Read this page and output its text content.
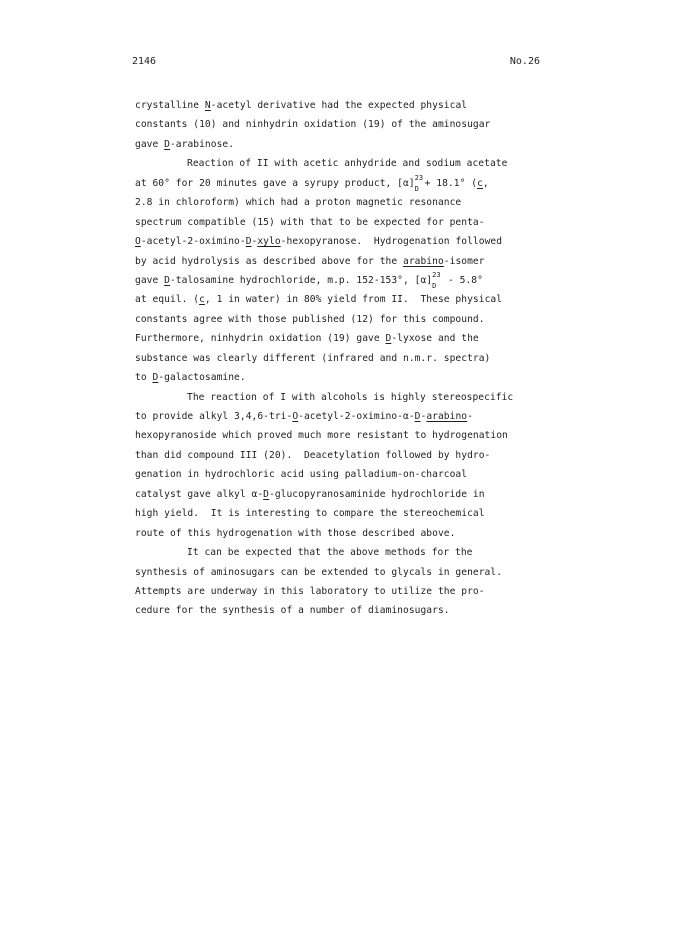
2146	No.26
crystalline N-acetyl derivative had the expected physical
constants (10) and ninhydrin oxidation (19) of the aminosugar
gave D-arabinose.
Reaction of II with acetic anhydride and sodium acetate
at 60° for 20 minutes gave a syrupy product, [α] 23
D + 18.1° (c,
2.8 in chloroform) which had a proton magnetic resonance
spectrum compatible (15) with that to be expected for penta-
O-acetyl-2-oximino-D-xylo-hexopyranose.  Hydrogenation followed
by acid hydrolysis as described above for the arabino-isomer
gave D-talosamine hydrochloride, m.p. 152-153°, [α] 23
D - 5.8°
at equil. (c, 1 in water) in 80% yield from II.  These physical
constants agree with those published (12) for this compound.
Furthermore, ninhydrin oxidation (19) gave D-lyxose and the
substance was clearly different (infrared and n.m.r. spectra)
to D-galactosamine.
The reaction of I with alcohols is highly stereospecific
to provide alkyl 3,4,6-tri-O-acetyl-2-oximino-α-D-arabino-
hexopyranoside which proved much more resistant to hydrogenation
than did compound III (20).  Deacetylation followed by hydro-
genation in hydrochloric acid using palladium-on-charcoal
catalyst gave alkyl α-D-glucopyranosaminide hydrochloride in
high yield.  It is interesting to compare the stereochemical
route of this hydrogenation with those described above.
It can be expected that the above methods for the
synthesis of aminosugars can be extended to glycals in general.
Attempts are underway in this laboratory to utilize the pro-
cedure for the synthesis of a number of diaminosugars.
